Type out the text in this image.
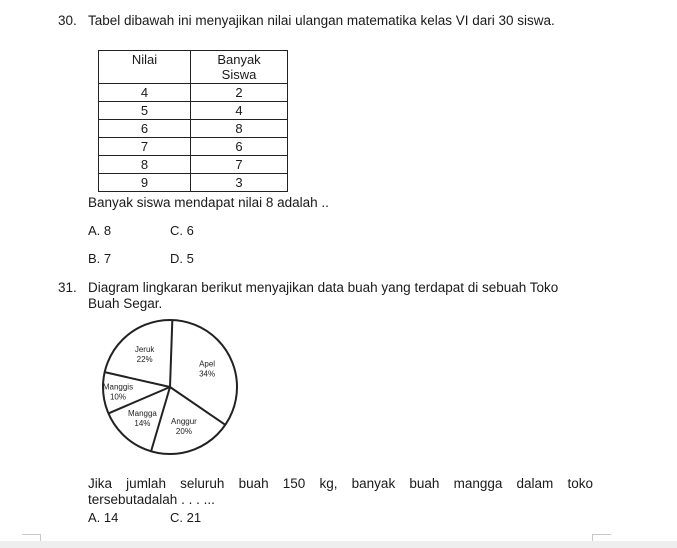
30. Tabel dibawah ini menyajikan nilai ulangan matematika kelas VI dari 30 siswa.
Nilai	Banyak
Siswa

4	2
5	4
6	8
7	6
8	7
9	3
Banyak siswa mendapat nilai 8 adalah ..
A. 8	C. 6
B. 7	D. 5
31. Diagram lingkaran berikut menyajikan data buah yang terdapat di sebuah Toko
Buah Segar.
Apel
34%
Anggur
20%
Mangga
14%
Manggis
10%
Jeruk
22%
Jika jumlah seluruh buah 150 kg, banyak buah mangga dalam toko
tersebutadalah . . . ...
A. 14	C. 21
